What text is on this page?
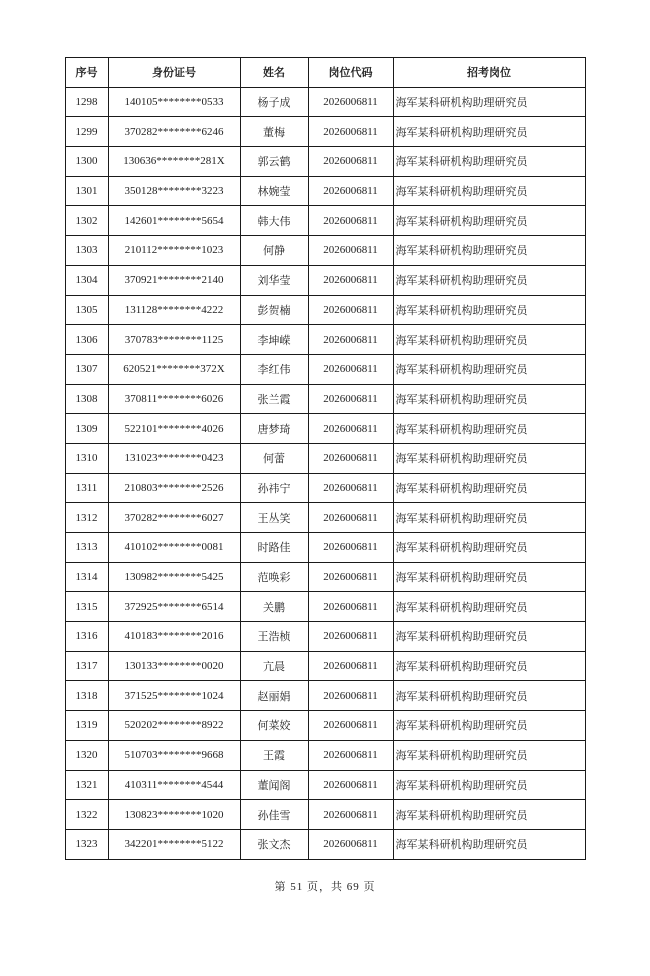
序号	身份证号	姓名	岗位代码	招考岗位
1298	140105********0533	杨子成	2026006811	海军某科研机构助理研究员
1299	370282********6246	董梅	2026006811	海军某科研机构助理研究员
1300	130636********281X	郭云鹤	2026006811	海军某科研机构助理研究员
1301	350128********3223	林婉莹	2026006811	海军某科研机构助理研究员
1302	142601********5654	韩大伟	2026006811	海军某科研机构助理研究员
1303	210112********1023	何静	2026006811	海军某科研机构助理研究员
1304	370921********2140	刘华莹	2026006811	海军某科研机构助理研究员
1305	131128********4222	彭贺楠	2026006811	海军某科研机构助理研究员
1306	370783********1125	李坤嵘	2026006811	海军某科研机构助理研究员
1307	620521********372X	李红伟	2026006811	海军某科研机构助理研究员
1308	370811********6026	张兰霞	2026006811	海军某科研机构助理研究员
1309	522101********4026	唐梦琦	2026006811	海军某科研机构助理研究员
1310	131023********0423	何蕾	2026006811	海军某科研机构助理研究员
1311	210803********2526	孙祎宁	2026006811	海军某科研机构助理研究员
1312	370282********6027	王丛笑	2026006811	海军某科研机构助理研究员
1313	410102********0081	时路佳	2026006811	海军某科研机构助理研究员
1314	130982********5425	范唤彩	2026006811	海军某科研机构助理研究员
1315	372925********6514	关鹏	2026006811	海军某科研机构助理研究员
1316	410183********2016	王浩桢	2026006811	海军某科研机构助理研究员
1317	130133********0020	亢晨	2026006811	海军某科研机构助理研究员
1318	371525********1024	赵丽娟	2026006811	海军某科研机构助理研究员
1319	520202********8922	何菜姣	2026006811	海军某科研机构助理研究员
1320	510703********9668	王霞	2026006811	海军某科研机构助理研究员
1321	410311********4544	董闻阁	2026006811	海军某科研机构助理研究员
1322	130823********1020	孙佳雪	2026006811	海军某科研机构助理研究员
1323	342201********5122	张文杰	2026006811	海军某科研机构助理研究员
第 51 页，共 69 页
